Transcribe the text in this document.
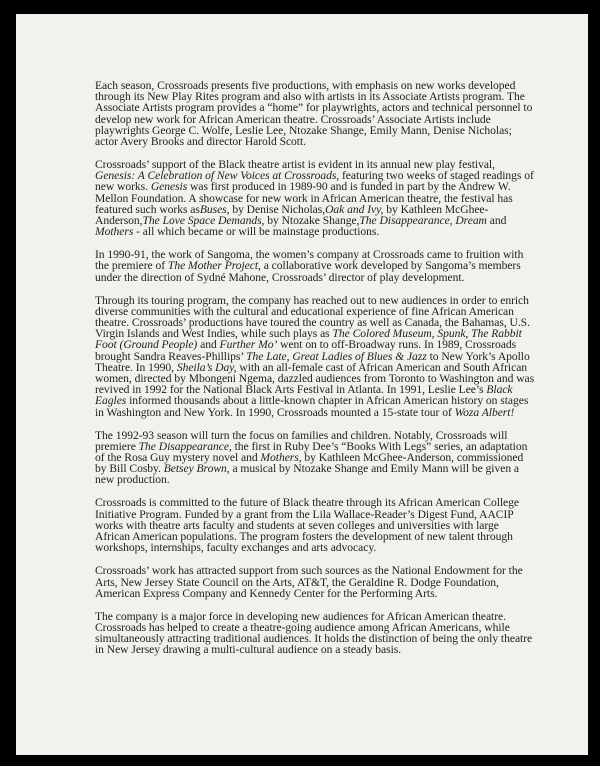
Each season, Crossroads presents five productions, with emphasis on new works developed through its New Play Rites program and also with artists in its Associate Artists program. The Associate Artists program provides a “home” for playwrights, actors and technical personnel to develop new work for African American theatre. Crossroads’ Associate Artists include playwrights George C. Wolfe, Leslie Lee, Ntozake Shange, Emily Mann, Denise Nicholas; actor Avery Brooks and director Harold Scott.

Crossroads’ support of the Black theatre artist is evident in its annual new play festival, Genesis: A Celebration of New Voices at Crossroads, featuring two weeks of staged readings of new works. Genesis was first produced in 1989-90 and is funded in part by the Andrew W. Mellon Foundation. A showcase for new work in African American theatre, the festival has featured such works asBuses, by Denise Nicholas,Oak and Ivy, by Kathleen McGhee-Anderson,The Love Space Demands, by Ntozake Shange,The Disappearance, Dream and Mothers - all which became or will be mainstage productions.

In 1990-91, the work of Sangoma, the women’s company at Crossroads came to fruition with the premiere of The Mother Project, a collaborative work developed by Sangoma’s members under the direction of Sydné Mahone, Crossroads’ director of play development.

Through its touring program, the company has reached out to new audiences in order to enrich diverse communities with the cultural and educational experience of fine African American theatre. Crossroads’ productions have toured the country as well as Canada, the Bahamas, U.S. Virgin Islands and West Indies, while such plays as The Colored Museum, Spunk, The Rabbit Foot (Ground People) and Further Mo’ went on to off-Broadway runs. In 1989, Crossroads brought Sandra Reaves-Phillips’ The Late, Great Ladies of Blues & Jazz to New York’s Apollo Theatre. In 1990, Sheila’s Day, with an all-female cast of African American and South African women, directed by Mbongeni Ngema, dazzled audiences from Toronto to Washington and was revived in 1992 for the National Black Arts Festival in Atlanta. In 1991, Leslie Lee’s Black Eagles informed thousands about a little-known chapter in African American history on stages in Washington and New York. In 1990, Crossroads mounted a 15-state tour of Woza Albert!

The 1992-93 season will turn the focus on families and children. Notably, Crossroads will premiere The Disappearance, the first in Ruby Dee’s “Books With Legs” series, an adaptation of the Rosa Guy mystery novel and Mothers, by Kathleen McGhee-Anderson, commissioned by Bill Cosby. Betsey Brown, a musical by Ntozake Shange and Emily Mann will be given a new production.

Crossroads is committed to the future of Black theatre through its African American College Initiative Program. Funded by a grant from the Lila Wallace-Reader’s Digest Fund, AACIP works with theatre arts faculty and students at seven colleges and universities with large African American populations. The program fosters the development of new talent through workshops, internships, faculty exchanges and arts advocacy.

Crossroads’ work has attracted support from such sources as the National Endowment for the Arts, New Jersey State Council on the Arts, AT&T, the Geraldine R. Dodge Foundation, American Express Company and Kennedy Center for the Performing Arts.

The company is a major force in developing new audiences for African American theatre. Crossroads has helped to create a theatre-going audience among African Americans, while simultaneously attracting traditional audiences. It holds the distinction of being the only theatre in New Jersey drawing a multi-cultural audience on a steady basis.
